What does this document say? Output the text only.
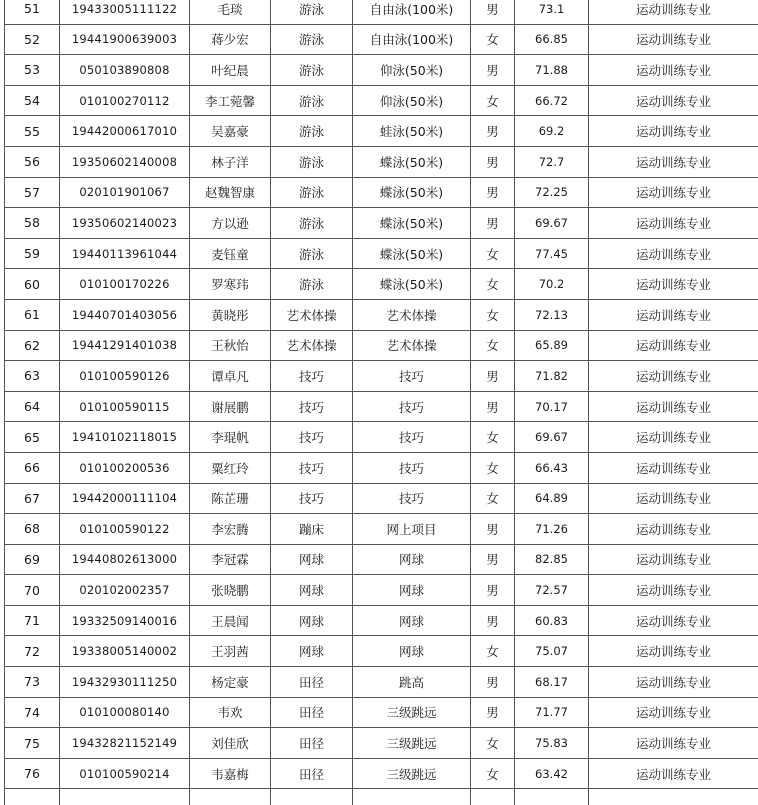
51	19433005111122	毛琰	游泳	自由泳(100米)	男	73.1	运动训练专业
52	19441900639003	蒋少宏	游泳	自由泳(100米)	女	66.85	运动训练专业
53	050103890808	叶纪晨	游泳	仰泳(50米)	男	71.88	运动训练专业
54	010100270112	李工菀馨	游泳	仰泳(50米)	女	66.72	运动训练专业
55	19442000617010	吴嘉豪	游泳	蛙泳(50米)	男	69.2	运动训练专业
56	19350602140008	林子洋	游泳	蝶泳(50米)	男	72.7	运动训练专业
57	020101901067	赵魏智康	游泳	蝶泳(50米)	男	72.25	运动训练专业
58	19350602140023	方以逊	游泳	蝶泳(50米)	男	69.67	运动训练专业
59	19440113961044	麦钰童	游泳	蝶泳(50米)	女	77.45	运动训练专业
60	010100170226	罗寒玮	游泳	蝶泳(50米)	女	70.2	运动训练专业
61	19440701403056	黄晓彤	艺术体操	艺术体操	女	72.13	运动训练专业
62	19441291401038	王秋怡	艺术体操	艺术体操	女	65.89	运动训练专业
63	010100590126	谭卓凡	技巧	技巧	男	71.82	运动训练专业
64	010100590115	谢展鹏	技巧	技巧	男	70.17	运动训练专业
65	19410102118015	李琨帆	技巧	技巧	女	69.67	运动训练专业
66	010100200536	粟红玲	技巧	技巧	女	66.43	运动训练专业
67	19442000111104	陈芷珊	技巧	技巧	女	64.89	运动训练专业
68	010100590122	李宏腾	蹦床	网上项目	男	71.26	运动训练专业
69	19440802613000	李冠霖	网球	网球	男	82.85	运动训练专业
70	020102002357	张晓鹏	网球	网球	男	72.57	运动训练专业
71	19332509140016	王晨闻	网球	网球	男	60.83	运动训练专业
72	19338005140002	王羽茜	网球	网球	女	75.07	运动训练专业
73	19432930111250	杨定豪	田径	跳高	男	68.17	运动训练专业
74	010100080140	韦欢	田径	三级跳远	男	71.77	运动训练专业
75	19432821152149	刘佳欣	田径	三级跳远	女	75.83	运动训练专业
76	010100590214	韦嘉梅	田径	三级跳远	女	63.42	运动训练专业
